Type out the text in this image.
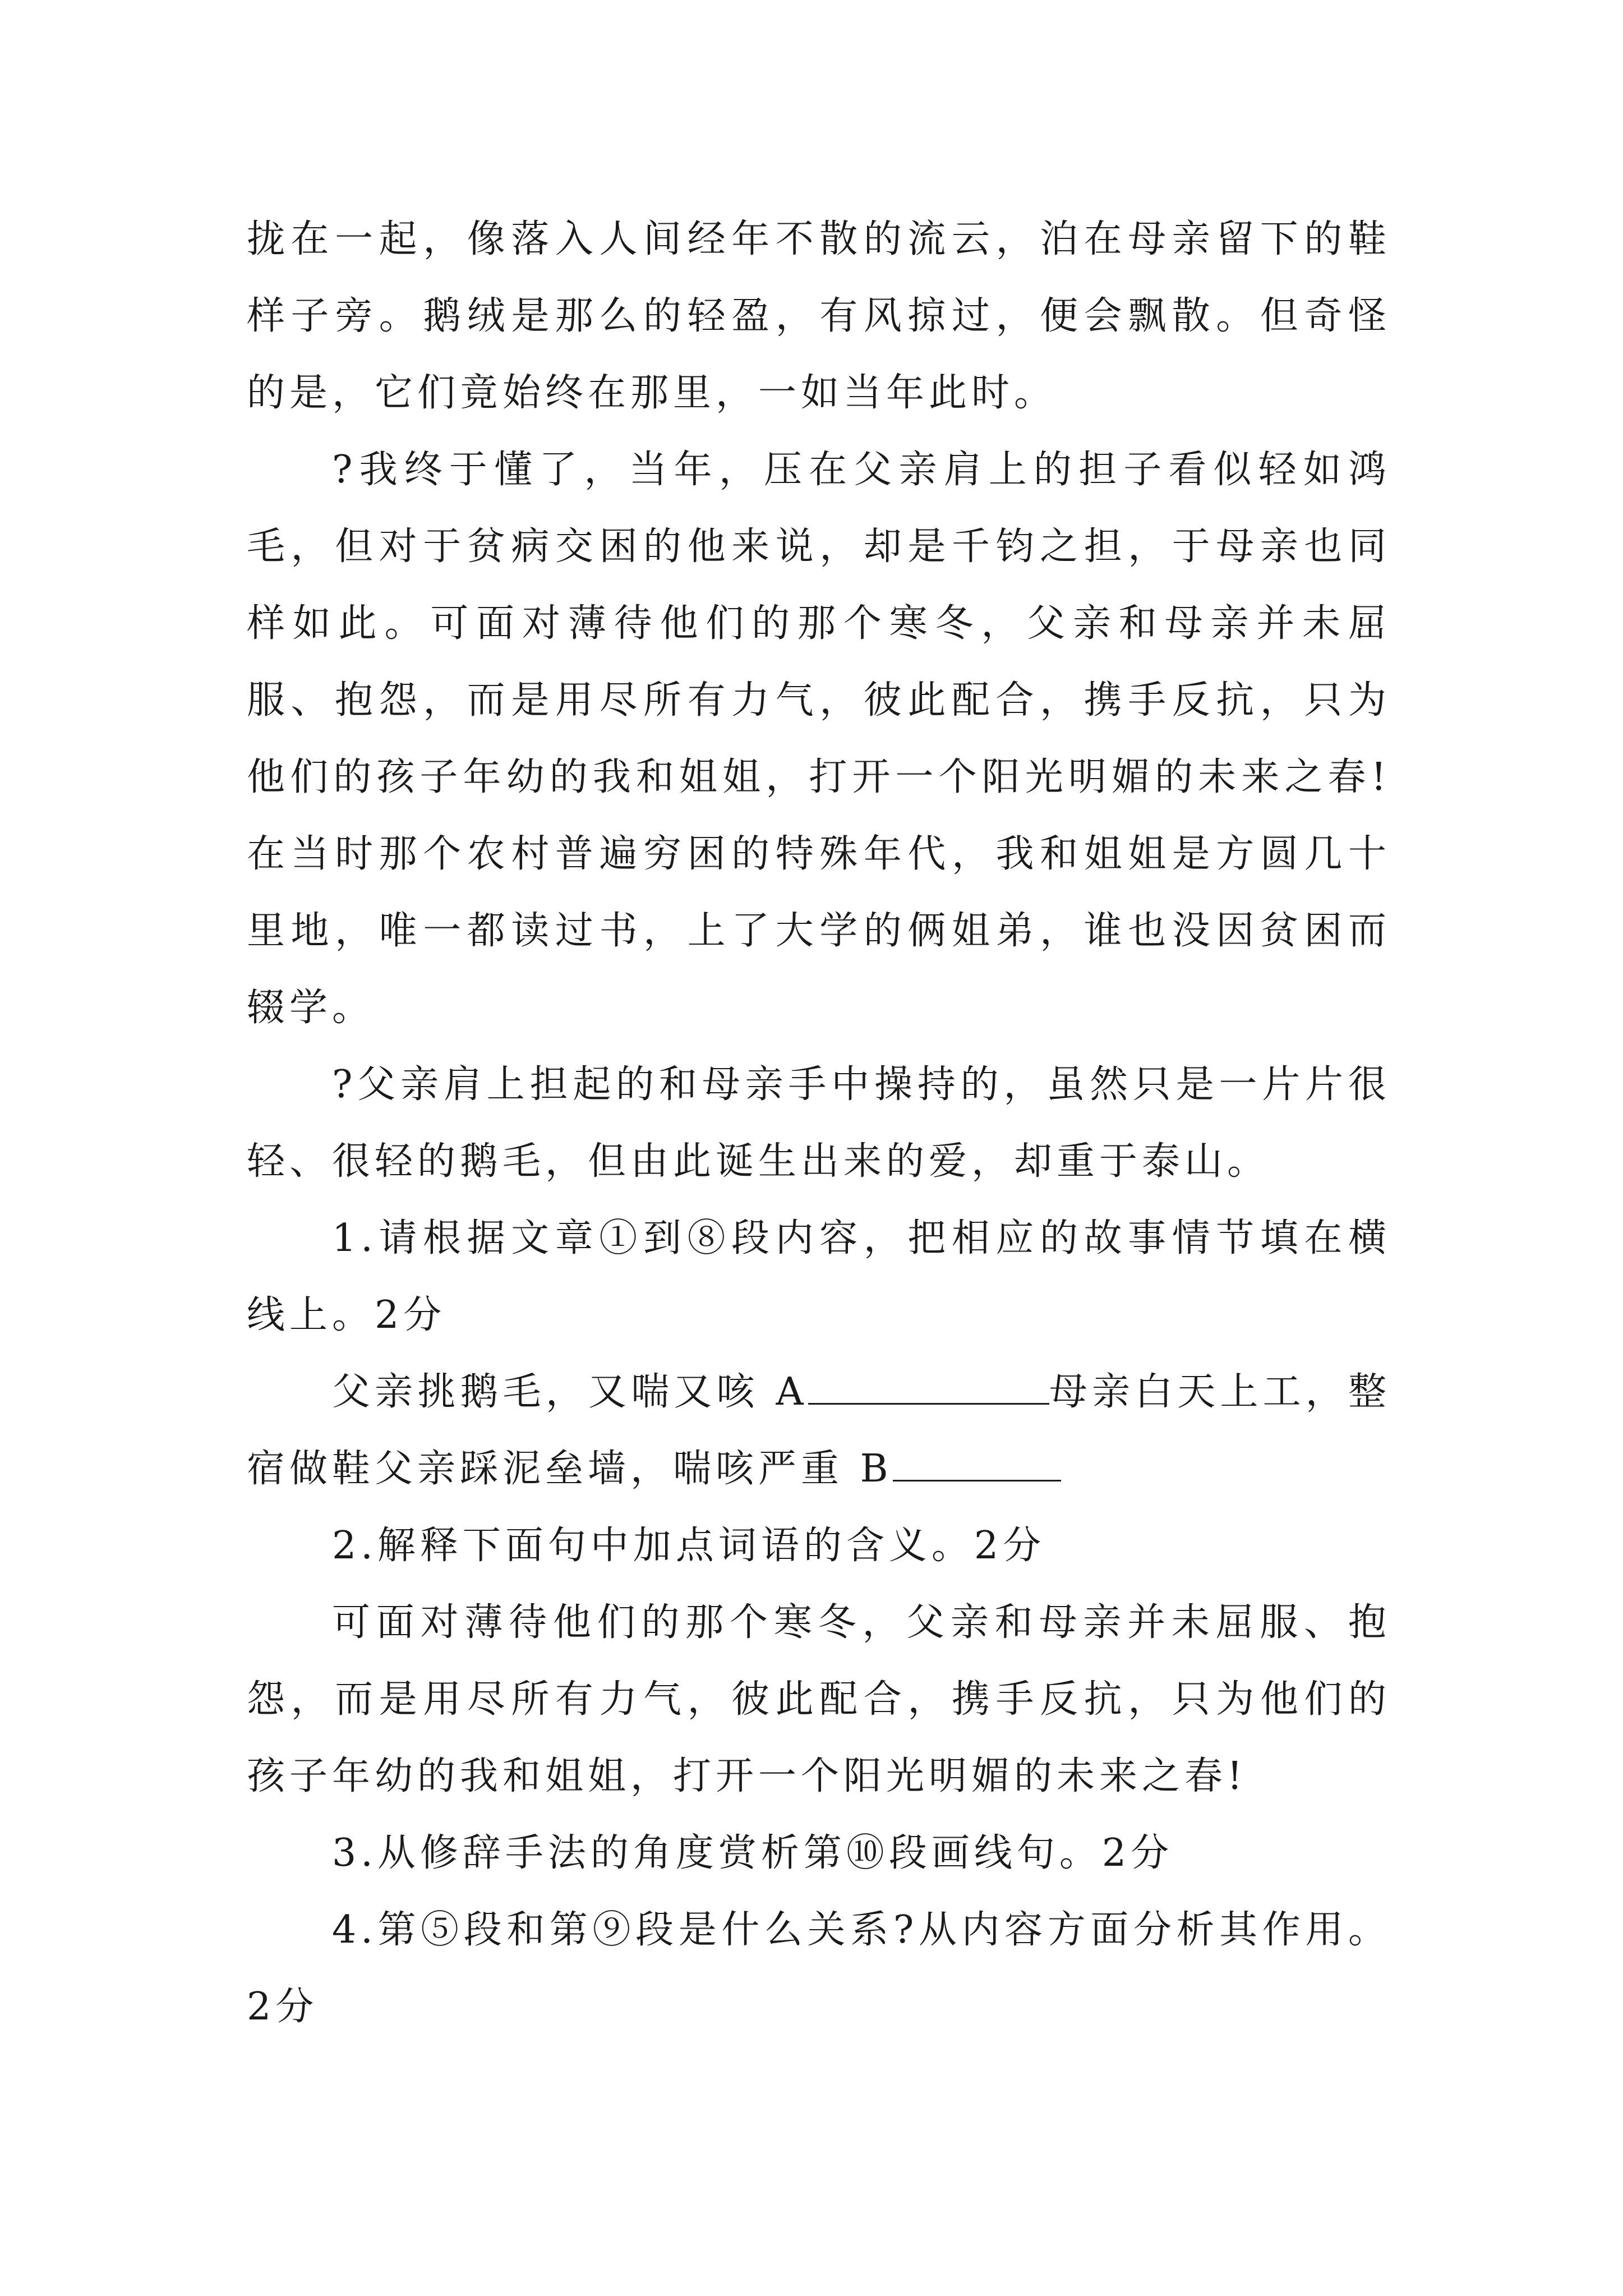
拢在一起，像落入人间经年不散的流云，泊在母亲留下的鞋样子旁。鹅绒是那么的轻盈，有风掠过，便会飘散。但奇怪的是，它们竟始终在那里，一如当年此时。

?我终于懂了，当年，压在父亲肩上的担子看似轻如鸿毛，但对于贫病交困的他来说，却是千钧之担，于母亲也同样如此。可面对薄待他们的那个寒冬，父亲和母亲并未屈服、抱怨，而是用尽所有力气，彼此配合，携手反抗，只为他们的孩子年幼的我和姐姐，打开一个阳光明媚的未来之春!在当时那个农村普遍穷困的特殊年代，我和姐姐是方圆几十里地，唯一都读过书，上了大学的俩姐弟，谁也没因贫困而辍学。

?父亲肩上担起的和母亲手中操持的，虽然只是一片片很轻、很轻的鹅毛，但由此诞生出来的爱，却重于泰山。

1.请根据文章①到⑧段内容，把相应的故事情节填在横线上。2分

父亲挑鹅毛，又喘又咳 A	母亲白天上工，整宿做鞋父亲踩泥垒墙，喘咳严重 B

2.解释下面句中加点词语的含义。2分

可面对薄待他们的那个寒冬，父亲和母亲并未屈服、抱怨，而是用尽所有力气，彼此配合，携手反抗，只为他们的孩子年幼的我和姐姐，打开一个阳光明媚的未来之春!

3.从修辞手法的角度赏析第⑩段画线句。2分

4.第⑤段和第⑨段是什么关系?从内容方面分析其作用。2分
